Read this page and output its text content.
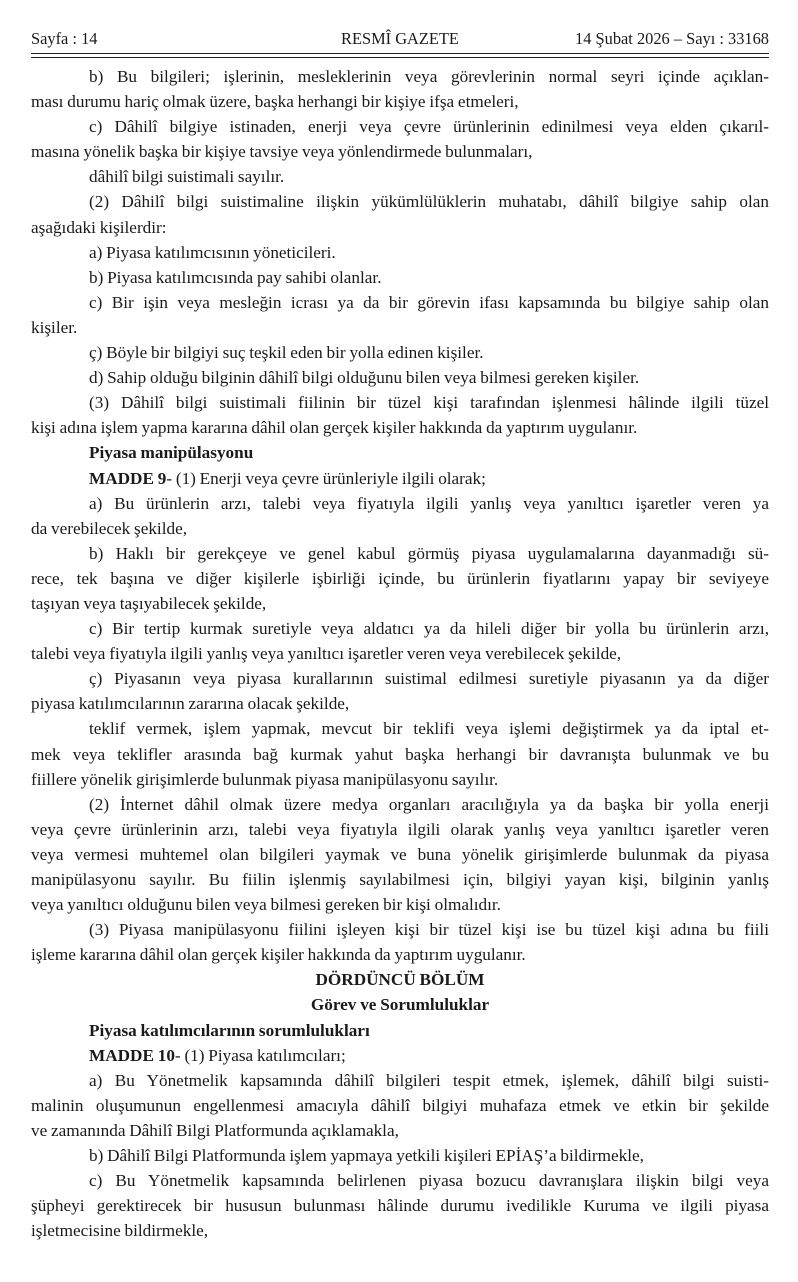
Sayfa : 14	RESMÎ GAZETE	14 Şubat 2026 – Sayı : 33168

b) Bu bilgileri; işlerinin, mesleklerinin veya görevlerinin normal seyri içinde açıklan-

ması durumu hariç olmak üzere, başka herhangi bir kişiye ifşa etmeleri,

c) Dâhilî bilgiye istinaden, enerji veya çevre ürünlerinin edinilmesi veya elden çıkarıl-

masına yönelik başka bir kişiye tavsiye veya yönlendirmede bulunmaları,

dâhilî bilgi suistimali sayılır.

(2) Dâhilî bilgi suistimaline ilişkin yükümlülüklerin muhatabı, dâhilî bilgiye sahip olan

aşağıdaki kişilerdir:

a) Piyasa katılımcısının yöneticileri.

b) Piyasa katılımcısında pay sahibi olanlar.

c) Bir işin veya mesleğin icrası ya da bir görevin ifası kapsamında bu bilgiye sahip olan

kişiler.

ç) Böyle bir bilgiyi suç teşkil eden bir yolla edinen kişiler.

d) Sahip olduğu bilginin dâhilî bilgi olduğunu bilen veya bilmesi gereken kişiler.

(3) Dâhilî bilgi suistimali fiilinin bir tüzel kişi tarafından işlenmesi hâlinde ilgili tüzel

kişi adına işlem yapma kararına dâhil olan gerçek kişiler hakkında da yaptırım uygulanır.

Piyasa manipülasyonu

MADDE 9- (1) Enerji veya çevre ürünleriyle ilgili olarak;

a) Bu ürünlerin arzı, talebi veya fiyatıyla ilgili yanlış veya yanıltıcı işaretler veren ya

da verebilecek şekilde,

b) Haklı bir gerekçeye ve genel kabul görmüş piyasa uygulamalarına dayanmadığı sü-

rece, tek başına ve diğer kişilerle işbirliği içinde, bu ürünlerin fiyatlarını yapay bir seviyeye

taşıyan veya taşıyabilecek şekilde,

c) Bir tertip kurmak suretiyle veya aldatıcı ya da hileli diğer bir yolla bu ürünlerin arzı,

talebi veya fiyatıyla ilgili yanlış veya yanıltıcı işaretler veren veya verebilecek şekilde,

ç) Piyasanın veya piyasa kurallarının suistimal edilmesi suretiyle piyasanın ya da diğer

piyasa katılımcılarının zararına olacak şekilde,

teklif vermek, işlem yapmak, mevcut bir teklifi veya işlemi değiştirmek ya da iptal et-

mek veya teklifler arasında bağ kurmak yahut başka herhangi bir davranışta bulunmak ve bu

fiillere yönelik girişimlerde bulunmak piyasa manipülasyonu sayılır.

(2) İnternet dâhil olmak üzere medya organları aracılığıyla ya da başka bir yolla enerji

veya çevre ürünlerinin arzı, talebi veya fiyatıyla ilgili olarak yanlış veya yanıltıcı işaretler veren

veya vermesi muhtemel olan bilgileri yaymak ve buna yönelik girişimlerde bulunmak da piyasa

manipülasyonu sayılır. Bu fiilin işlenmiş sayılabilmesi için, bilgiyi yayan kişi, bilginin yanlış

veya yanıltıcı olduğunu bilen veya bilmesi gereken bir kişi olmalıdır.

(3) Piyasa manipülasyonu fiilini işleyen kişi bir tüzel kişi ise bu tüzel kişi adına bu fiili

işleme kararına dâhil olan gerçek kişiler hakkında da yaptırım uygulanır.

DÖRDÜNCÜ BÖLÜM

Görev ve Sorumluluklar

Piyasa katılımcılarının sorumlulukları

MADDE 10- (1) Piyasa katılımcıları;

a) Bu Yönetmelik kapsamında dâhilî bilgileri tespit etmek, işlemek, dâhilî bilgi suisti-

malinin oluşumunun engellenmesi amacıyla dâhilî bilgiyi muhafaza etmek ve etkin bir şekilde

ve zamanında Dâhilî Bilgi Platformunda açıklamakla,

b) Dâhilî Bilgi Platformunda işlem yapmaya yetkili kişileri EPİAŞ’a bildirmekle,

c) Bu Yönetmelik kapsamında belirlenen piyasa bozucu davranışlara ilişkin bilgi veya

şüpheyi gerektirecek bir hususun bulunması hâlinde durumu ivedilikle Kuruma ve ilgili piyasa

işletmecisine bildirmekle,
